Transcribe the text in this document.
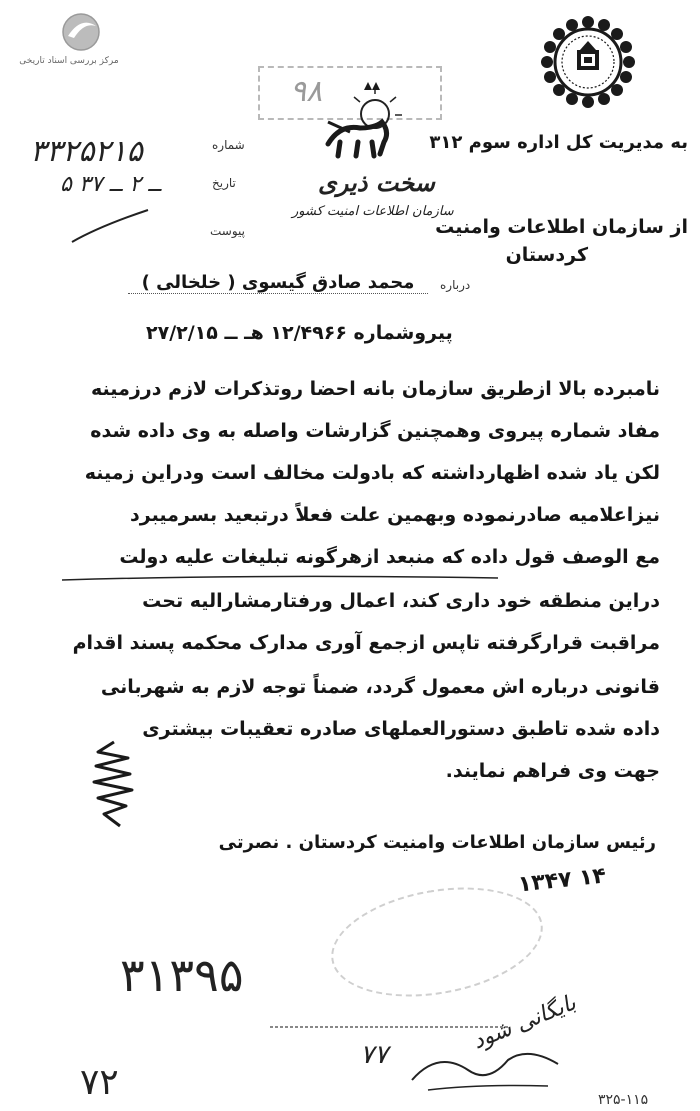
مرکز بررسی اسناد تاریخی
۹۸
به مدیریت کل اداره سوم ۳۱۲
شماره
۳۳۲۵۲۱۵
تاریخ
۵ ــ ۲ ــ ۳۷
پیوست
سخت ذیری
سازمان اطلاعات امنیت کشور
از سازمان اطلاعات وامنیت
کردستان
درباره
محمد صادق گیسوی ( خلخالی )
پیروشماره ۱۲/۴۹۶۶ هـ ــ ۲۷/۲/۱۵
نامبرده بالا ازطریق سازمان بانه احضا روتذکرات لازم درزمینه
مفاد شماره پیروی وهمچنین گزارشات واصله به وی داده شده
لکن یاد شده اظهارداشته که بادولت مخالف است ودراین زمینه
نیزاعلامیه صادرنموده وبهمین علت فعلاً درتبعید بسرمیبرد
مع الوصف قول داده که منبعد ازهرگونه تبلیغات علیه دولت
دراین منطقه خود داری کند، اعمال ورفتارمشارالیه تحت
مراقبت قرارگرفته تاپس ازجمع آوری مدارک محکمه پسند اقدام
قانونی درباره اش معمول گردد، ضمناً توجه لازم به شهربانی
داده شده تاطبق دستورالعملهای صادره تعقیبات بیشتری
جهت وی فراهم نمایند.
رئیس سازمان اطلاعات وامنیت کردستان . نصرتی
۱۳۴۷ ۱۴
۳۱۳۹۵
بایگانی شود
۷۷
۷۲	۳۲۵-۱۱۵
